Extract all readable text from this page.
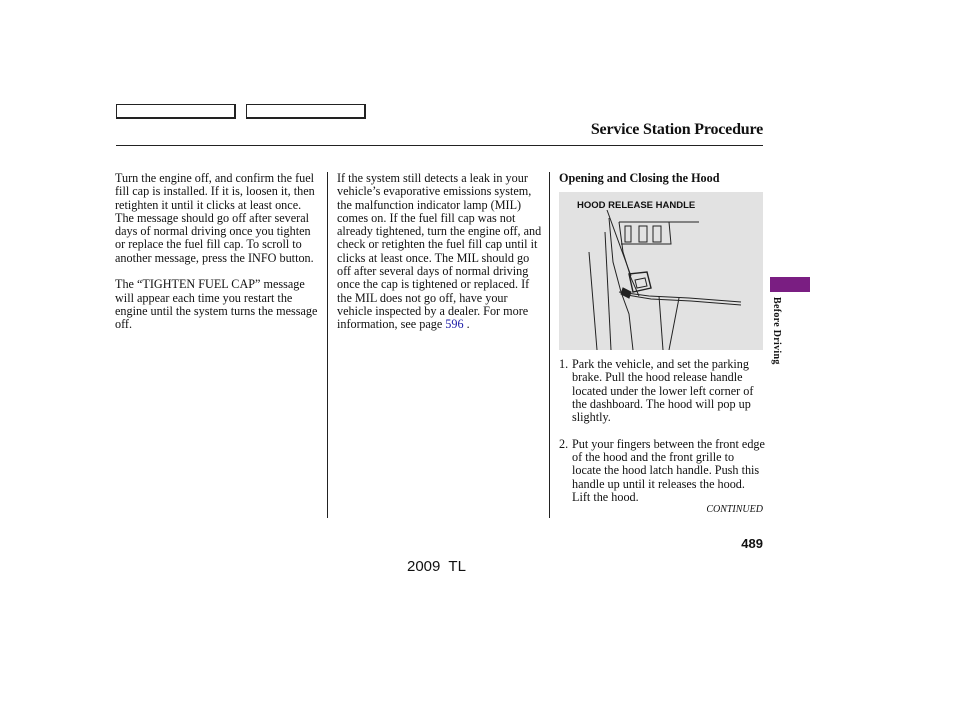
Service Station Procedure

Turn the engine off, and confirm the fuel fill cap is installed. If it is, loosen it, then retighten it until it clicks at least once. The message should go off after several days of normal driving once you tighten or replace the fuel fill cap. To scroll to another message, press the INFO button.

The “TIGHTEN FUEL CAP” message will appear each time you restart the engine until the system turns the message off.

If the system still detects a leak in your vehicle’s evaporative emissions system, the malfunction indicator lamp (MIL) comes on. If the fuel fill cap was not already tightened, turn the engine off, and check or retighten the fuel fill cap until it clicks at least once. The MIL should go off after several days of normal driving once the cap is tightened or replaced. If the MIL does not go off, have your vehicle inspected by a dealer. For more information, see page 596 .

Opening and Closing the Hood
HOOD RELEASE HANDLE

1. Park the vehicle, and set the parking brake. Pull the hood release handle located under the lower left corner of the dashboard. The hood will pop up slightly.

2. Put your fingers between the front edge of the hood and the front grille to locate the hood latch handle. Push this handle up until it releases the hood. Lift the hood.

CONTINUED
Before Driving
489
2009  TL
